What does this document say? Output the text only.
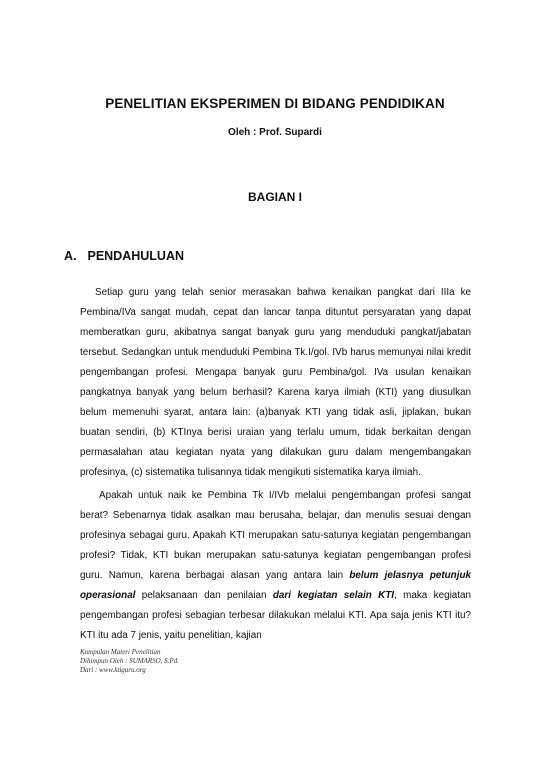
PENELITIAN EKSPERIMEN DI BIDANG PENDIDIKAN
Oleh : Prof. Supardi
BAGIAN I
A. PENDAHULUAN

Setiap guru yang telah senior merasakan bahwa kenaikan pangkat dari IIIa ke Pembina/IVa sangat mudah, cepat dan lancar tanpa dituntut persyaratan yang dapat memberatkan guru, akibatnya sangat banyak guru yang menduduki pangkat/jabatan tersebut. Sedangkan untuk menduduki Pembina Tk.I/gol. IVb harus memunyai nilai kredit pengembangan profesi. Mengapa banyak guru Pembina/gol. IVa usulan kenaikan pangkatnya banyak yang belum berhasil? Karena karya ilmiah (KTI) yang diusulkan belum memenuhi syarat, antara lain: (a)banyak KTI yang tidak asli, jiplakan, bukan buatan sendiri, (b) KTInya berisi uraian yang terlalu umum, tidak berkaitan dengan permasalahan atau kegiatan nyata yang dilakukan guru dalam mengembangakan profesinya, (c) sistematika tulisannya tidak mengikuti sistematika karya ilmiah.

Apakah untuk naik ke Pembina Tk I/IVb melalui pengembangan profesi sangat berat? Sebenarnya tidak asalkan mau berusaha, belajar, dan menulis sesuai dengan profesinya sebagai guru. Apakah KTI merupakan satu-satunya kegiatan pengembangan profesi? Tidak, KTI bukan merupakan satu-satunya kegiatan pengembangan profesi guru. Namun, karena berbagai alasan yang antara lain belum jelasnya petunjuk operasional pelaksanaan dan penilaian dari kegiatan selain KTI, maka kegiatan pengembangan profesi sebagian terbesar dilakukan melalui KTI. Apa saja jenis KTI itu? KTI itu ada 7 jenis, yaitu penelitian, kajian

Kumpulan Materi Penelitian
Dihimpun Oleh : SUMARSO, S.Pd.
Dari : www.ktiguru.org
